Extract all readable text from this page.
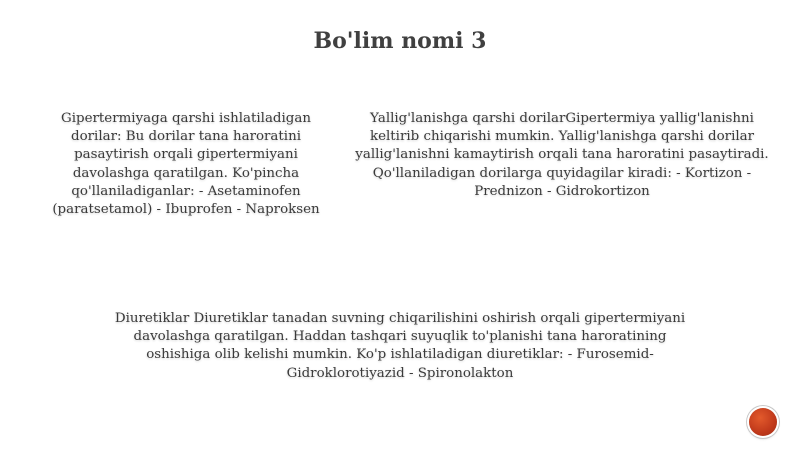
Bo'lim nomi 3
Gipertermiyaga qarshi ishlatiladigan dorilar: Bu dorilar tana haroratini pasaytirish orqali gipertermiyani davolashga qaratilgan. Ko'pincha qo'llaniladiganlar: - Asetaminofen (paratsetamol) - Ibuprofen - Naproksen
Yallig'lanishga qarshi dorilarGipertermiya yallig'lanishni keltirib chiqarishi mumkin. Yallig'lanishga qarshi dorilar yallig'lanishni kamaytirish orqali tana haroratini pasaytiradi. Qo'llaniladigan dorilarga quyidagilar kiradi: - Kortizon - Prednizon - Gidrokortizon
Diuretiklar Diuretiklar tanadan suvning chiqarilishini oshirish orqali gipertermiyani davolashga qaratilgan. Haddan tashqari suyuqlik to'planishi tana haroratining oshishiga olib kelishi mumkin. Ko'p ishlatiladigan diuretiklar: - Furosemid- Gidroklorotiyazid - Spironolakton
